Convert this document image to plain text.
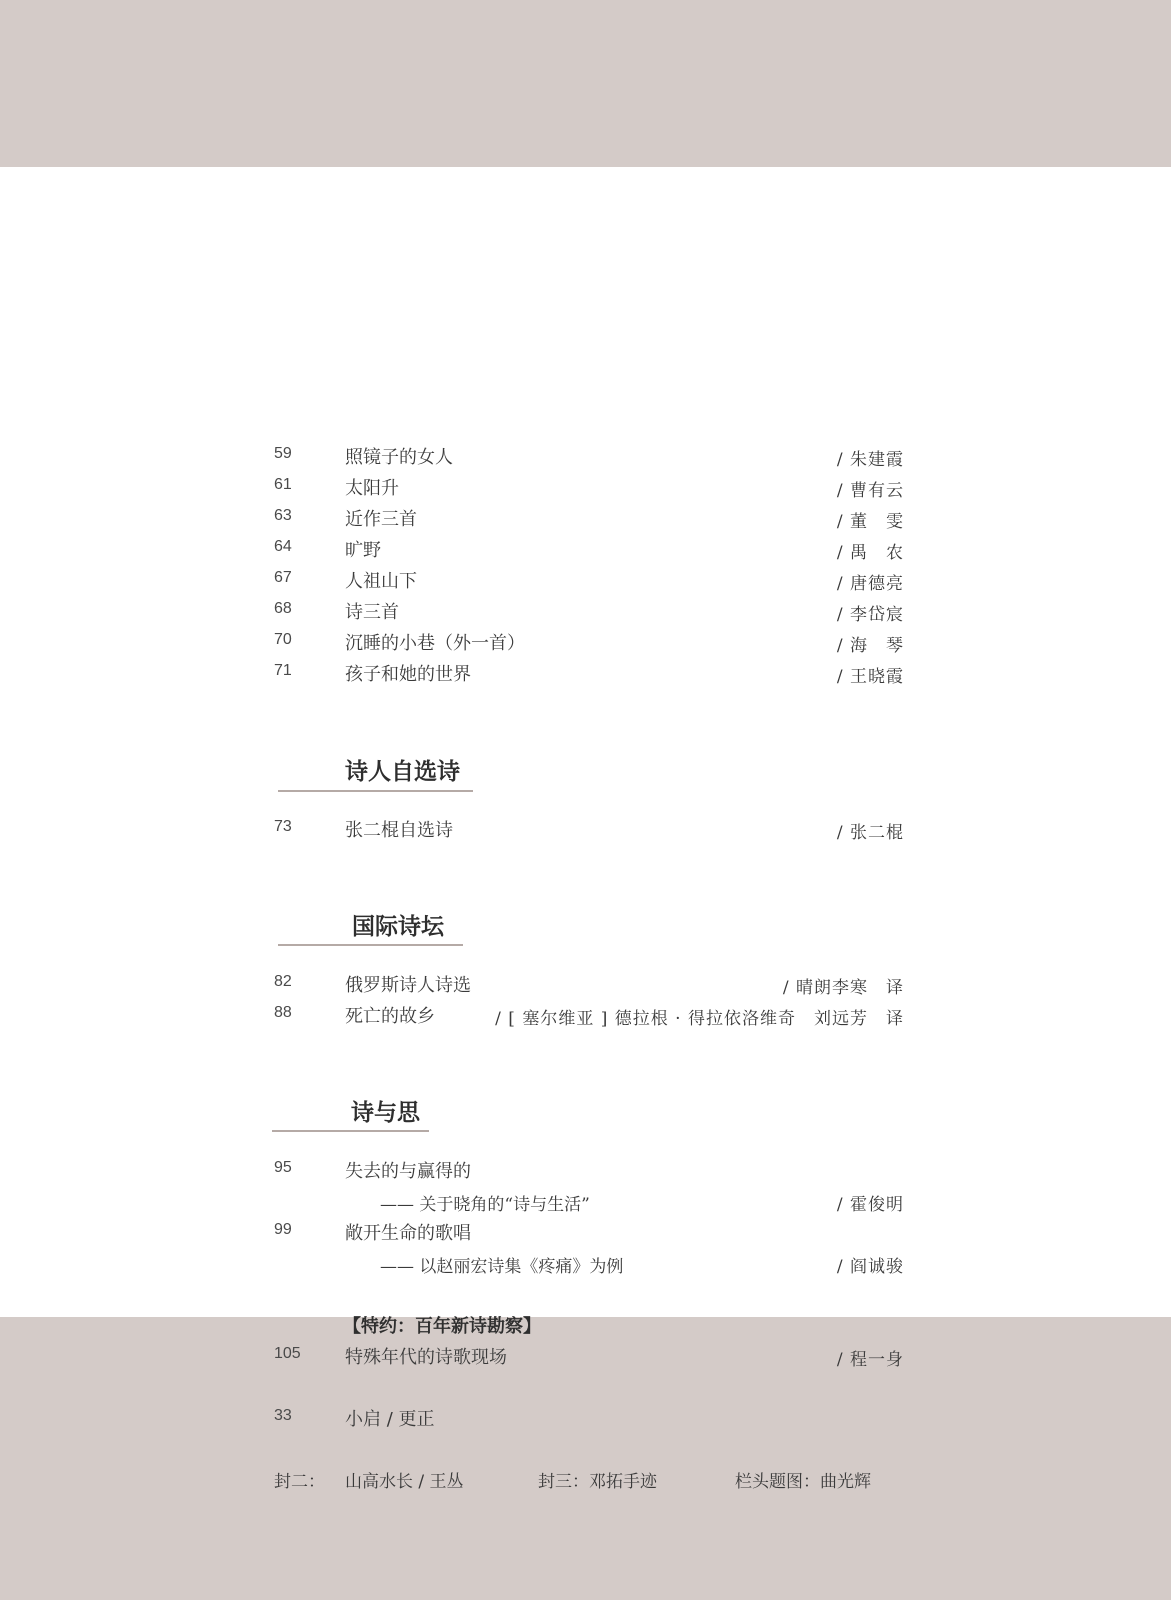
59	照镜子的女人	/ 朱建霞
61	太阳升	/ 曹有云
63	近作三首	/ 董　雯
64	旷野	/ 禺　农
67	人祖山下	/ 唐德亮
68	诗三首	/ 李岱宸
70	沉睡的小巷（外一首）	/ 海　琴
71	孩子和她的世界	/ 王晓霞
诗人自选诗
73	张二棍自选诗	/ 张二棍
国际诗坛
82	俄罗斯诗人诗选	/ 晴朗李寒　译
88	死亡的故乡	/ [ 塞尔维亚 ] 德拉根 · 得拉依洛维奇　刘远芳　译
诗与思
95	失去的与赢得的
—— 关于晓角的“诗与生活”	/ 霍俊明
99	敞开生命的歌唱
—— 以赵丽宏诗集《疼痛》为例	/ 阎诚骏
【特约：百年新诗勘察】
105 特殊年代的诗歌现场	/ 程一身
33	小启 / 更正
封二： 山高水长 / 王丛	封三：邓拓手迹	栏头题图：曲光辉
